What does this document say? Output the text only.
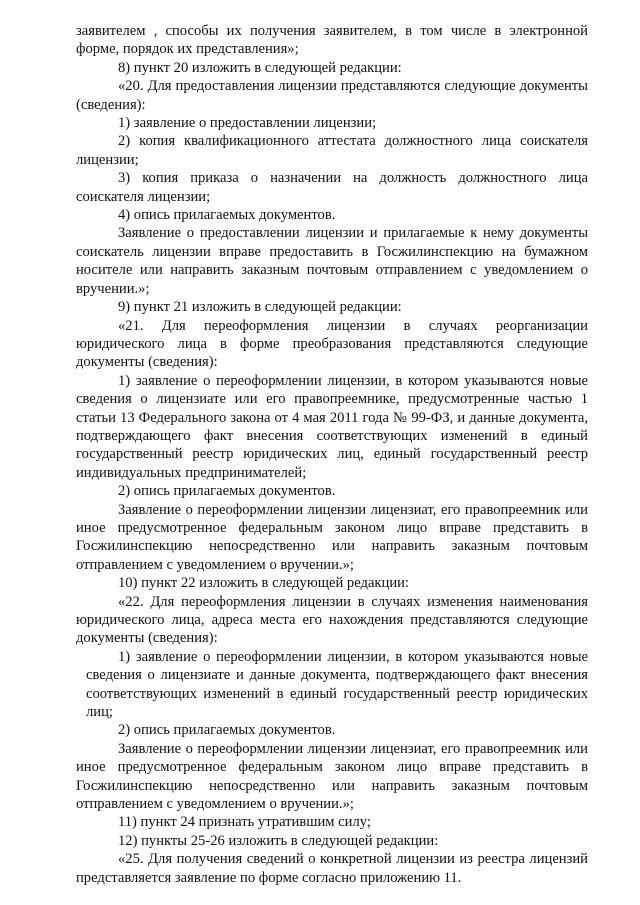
заявителем , способы их получения заявителем, в том числе в электронной форме, порядок их представления»;

8) пункт 20 изложить в следующей редакции:

«20. Для предоставления лицензии представляются следующие документы (сведения):

1) заявление о предоставлении лицензии;

2) копия квалификационного аттестата должностного лица соискателя лицензии;

3) копия приказа о назначении на должность должностного лица соискателя лицензии;

4) опись прилагаемых документов.

Заявление о предоставлении лицензии и прилагаемые к нему документы соискатель лицензии вправе предоставить в Госжилинспекцию на бумажном носителе или направить заказным почтовым отправлением с уведомлением о вручении.»;

9) пункт 21 изложить в следующей редакции:

«21. Для переоформления лицензии в случаях реорганизации юридического лица в форме преобразования представляются следующие документы (сведения):

1) заявление о переоформлении лицензии, в котором указываются новые сведения о лицензиате или его правопреемнике, предусмотренные частью 1 статьи 13 Федерального закона от 4 мая 2011 года № 99-ФЗ, и данные документа, подтверждающего факт внесения соответствующих изменений в единый государственный реестр юридических лиц, единый государственный реестр индивидуальных предпринимателей;

2) опись прилагаемых документов.

Заявление о переоформлении лицензии лицензиат, его правопреемник или иное предусмотренное федеральным законом лицо вправе представить в Госжилинспекцию непосредственно или направить заказным почтовым отправлением с уведомлением о вручении.»;

10) пункт 22 изложить в следующей редакции:

«22. Для переоформления лицензии в случаях изменения наименования юридического лица, адреса места его нахождения представляются следующие документы (сведения):

1) заявление о переоформлении лицензии, в котором указываются новые сведения о лицензиате и данные документа, подтверждающего факт внесения соответствующих изменений в единый государственный реестр юридических лиц;

2) опись прилагаемых документов.

Заявление о переоформлении лицензии лицензиат, его правопреемник или иное предусмотренное федеральным законом лицо вправе представить в Госжилинспекцию непосредственно или направить заказным почтовым отправлением с уведомлением о вручении.»;

11) пункт 24 признать утратившим силу;

12) пункты 25-26 изложить в следующей редакции:

«25. Для получения сведений о конкретной лицензии из реестра лицензий представляется заявление по форме согласно приложению 11.
